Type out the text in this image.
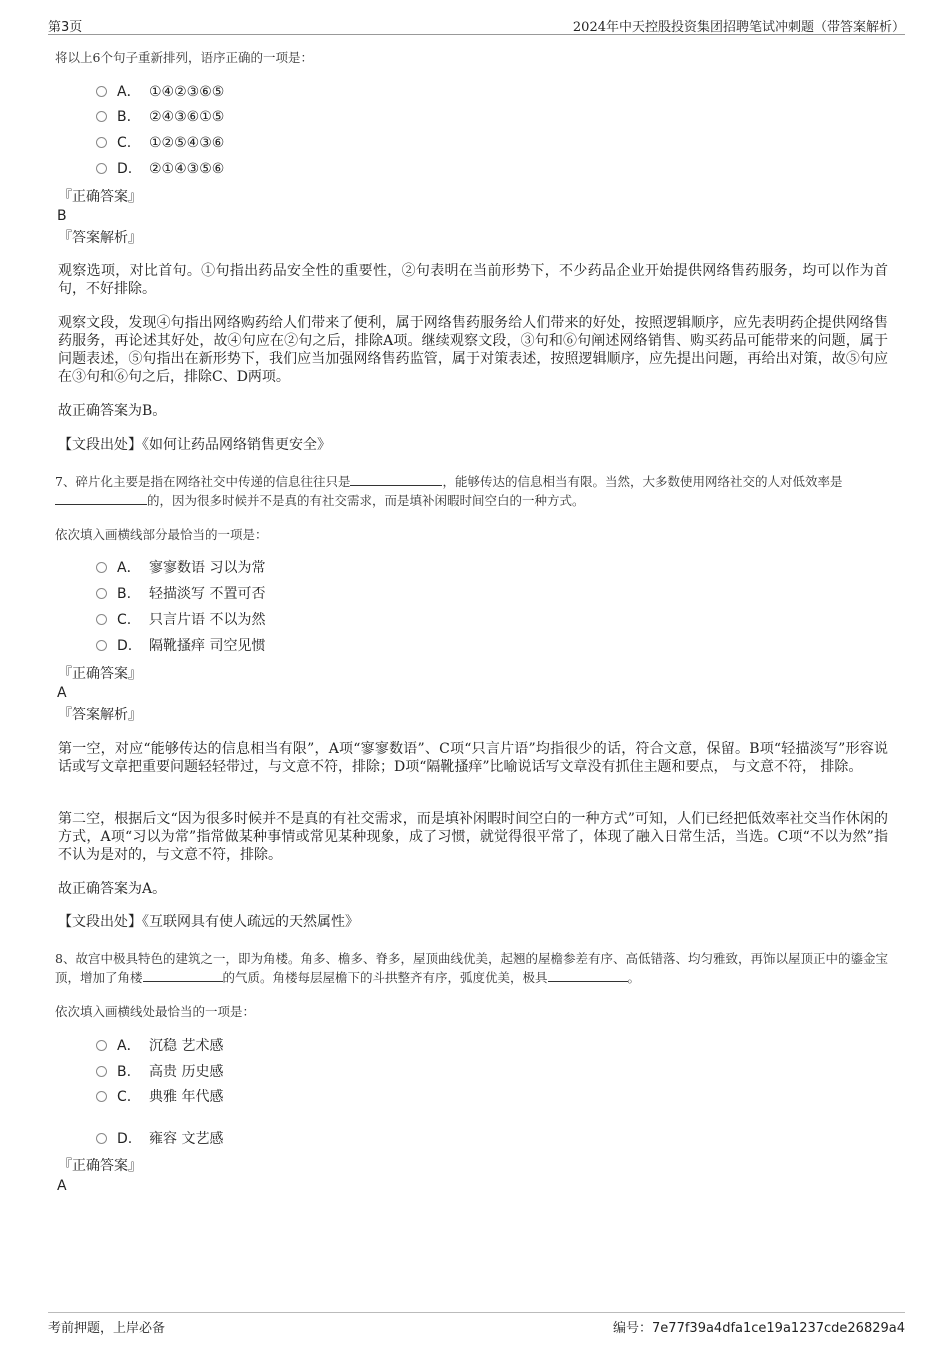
第3页	2024年中天控股投资集团招聘笔试冲刺题（带答案解析）
将以上6个句子重新排列，语序正确的一项是：
A． ①④②③⑥⑤
B. ②④③⑥①⑤
C. ①②⑤④③⑥
D. ②①④③⑤⑥
『正确答案』
B
『答案解析』
观察选项，对比首句。①句指出药品安全性的重要性，②句表明在当前形势下，不少药品企业开始提供网络售药服务，均可以作为首句，不好排除。
观察文段，发现④句指出网络购药给人们带来了便利，属于网络售药服务给人们带来的好处，按照逻辑顺序，应先表明药企提供网络售药服务，再论述其好处，故④句应在②句之后，排除A项。继续观察文段，③句和⑥句阐述网络销售、购买药品可能带来的问题，属于问题表述，⑤句指出在新形势下，我们应当加强网络售药监管，属于对策表述，按照逻辑顺序，应先提出问题，再给出对策，故⑤句应在③句和⑥句之后，排除C、D两项。
故正确答案为B。
【文段出处】《如何让药品网络销售更安全》
7、碎片化主要是指在网络社交中传递的信息往往只是	，能够传达的信息相当有限。当然，大多数使用网络社交的人对低效率是的，因为很多时候并不是真的有社交需求，而是填补闲暇时间空白的一种方式。
依次填入画横线部分最恰当的一项是：
A． 寥寥数语 习以为常
B. 轻描淡写 不置可否
C. 只言片语 不以为然
D. 隔靴搔痒 司空见惯
『正确答案』
A
『答案解析』
第一空，对应“能够传达的信息相当有限”，A项“寥寥数语”、C项“只言片语”均指很少的话，符合文意，保留。B项“轻描淡写”形容说话或写文章把重要问题轻轻带过，与文意不符，排除；D项“隔靴搔痒”比喻说话写文章没有抓住主题和要点， 与文意不符， 排除。
第二空，根据后文“因为很多时候并不是真的有社交需求，而是填补闲暇时间空白的一种方式”可知，人们已经把低效率社交当作休闲的方式，A项“习以为常”指常做某种事情或常见某种现象，成了习惯，就觉得很平常了，体现了融入日常生活，当选。C项“不以为然”指不认为是对的，与文意不符，排除。
故正确答案为A。
【文段出处】《互联网具有使人疏远的天然属性》
8、故宫中极具特色的建筑之一，即为角楼。角多、檐多、脊多，屋顶曲线优美，起翘的屋檐参差有序、高低错落、均匀雅致，再饰以屋顶正中的鎏金宝顶，增加了角楼	的气质。角楼每层屋檐下的斗拱整齐有序，弧度优美，极具	。
依次填入画横线处最恰当的一项是：
A． 沉稳 艺术感
B. 高贵 历史感
C. 典雅 年代感
D. 雍容 文艺感
『正确答案』
A
考前押题，上岸必备	编号：7e77f39a4dfa1ce19a1237cde26829a4
